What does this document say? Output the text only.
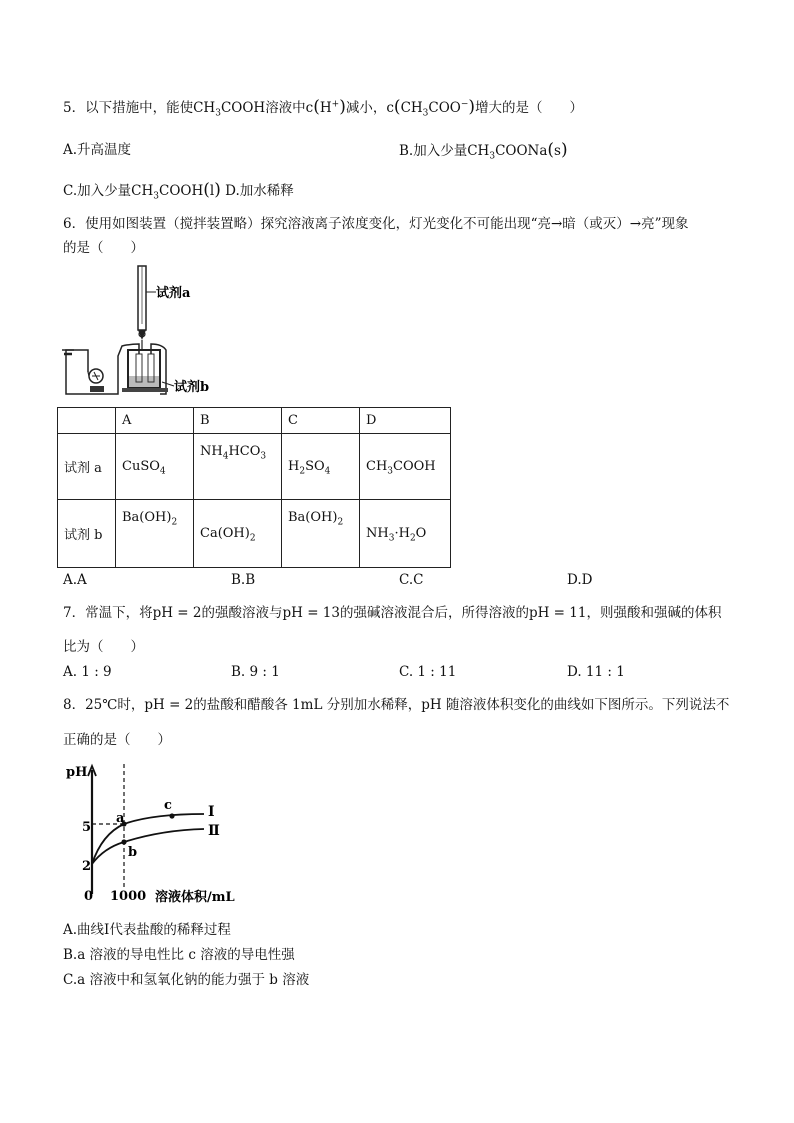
5．以下措施中，能使$CH_3COOH$溶液中c(H+)减小，$c(CH_3COO^-)$增大的是（　　）
A.升高温度	B.加入少量$CH_3COONa(s)$
C.加入少量$CH_3COOH(l)$ D.加水稀释
6．使用如图装置（搅拌装置略）探究溶液离子浓度变化，灯光变化不可能出现“亮→暗（或灭）→亮”现象
的是（　　）
试剂a
试剂b
	A	B	C	D
试剂 a	CuSO$_4$	$NH_4HCO_3$	$H_2SO_4$	$CH_3COOH$
试剂 b	$Ba(OH)_2$	$Ca(OH)_2$	$Ba(OH)_2$	$NH_3\cdot H_2O$
A.A	B.B	C.C	D.D
7．常温下，将pH = 2的强酸溶液与pH = 13的强碱溶液混合后，所得溶液的pH = 11，则强酸和强碱的体积
比为（　　）
A. 1 : 9	B. 9 : 1	C. 1 : 11	D. 11 : 1
8．25℃时，pH = 2的盐酸和醋酸各 1mL 分别加水稀释，pH 随溶液体积变化的曲线如下图所示。下列说法不
正确的是（　　）
pH
5
2
0 1000 溶液体积/mL
a
b
c	Ⅰ
Ⅱ
A.曲线Ⅰ代表盐酸的稀释过程
B.a 溶液的导电性比 c 溶液的导电性强
C.a 溶液中和氢氧化钠的能力强于 b 溶液
